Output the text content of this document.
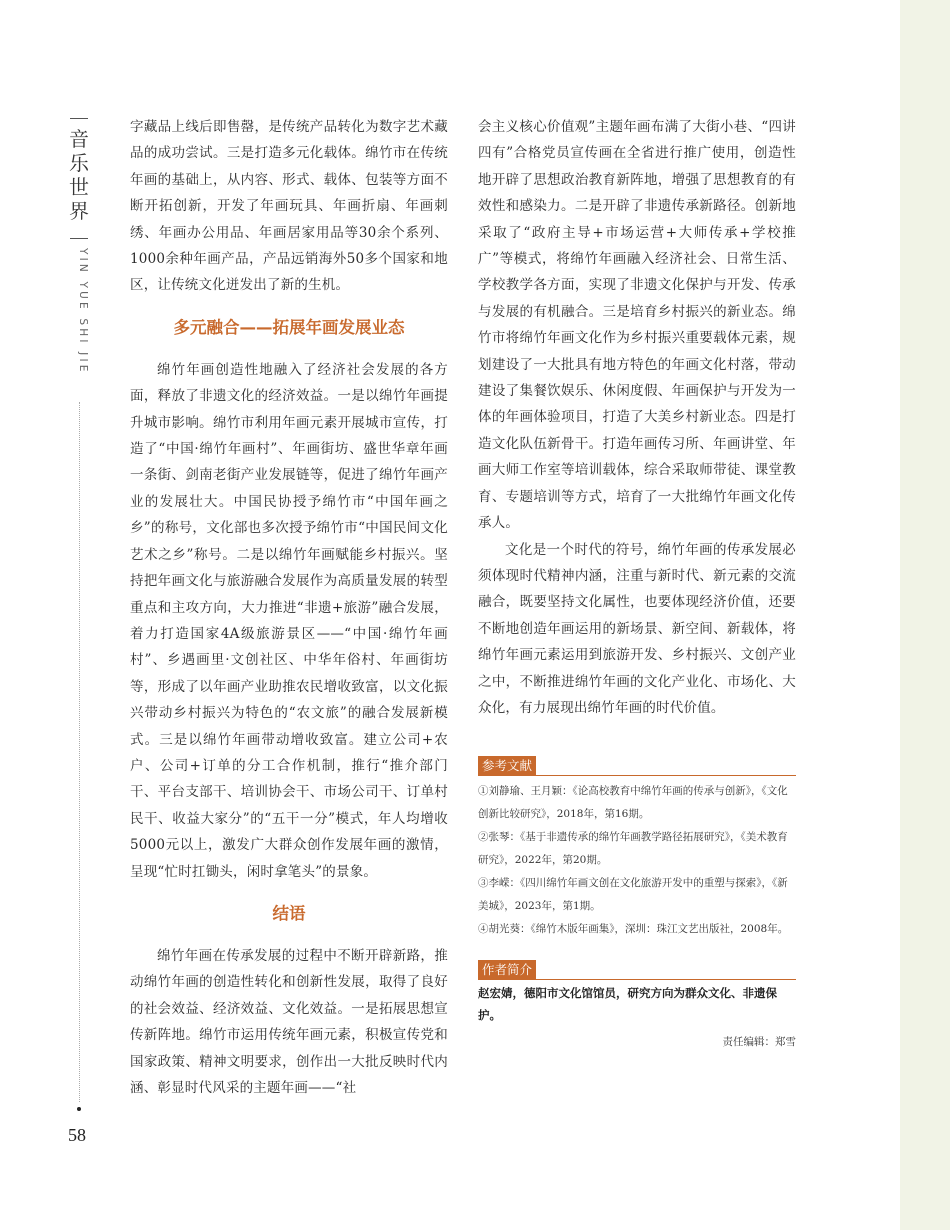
音
乐
世
界
YIN YUE SHI JIE
58

字藏品上线后即售罄，是传统产品转化为数字艺术藏品的成功尝试。三是打造多元化载体。绵竹市在传统年画的基础上，从内容、形式、载体、包装等方面不断开拓创新，开发了年画玩具、年画折扇、年画刺绣、年画办公用品、年画居家用品等30余个系列、1000余种年画产品，产品远销海外50多个国家和地区，让传统文化迸发出了新的生机。

多元融合——拓展年画发展业态

绵竹年画创造性地融入了经济社会发展的各方面，释放了非遗文化的经济效益。一是以绵竹年画提升城市影响。绵竹市利用年画元素开展城市宣传，打造了“中国·绵竹年画村”、年画街坊、盛世华章年画一条街、剑南老街产业发展链等，促进了绵竹年画产业的发展壮大。中国民协授予绵竹市“中国年画之乡”的称号，文化部也多次授予绵竹市“中国民间文化艺术之乡”称号。二是以绵竹年画赋能乡村振兴。坚持把年画文化与旅游融合发展作为高质量发展的转型重点和主攻方向，大力推进“非遗+旅游”融合发展，着力打造国家4A级旅游景区——“中国·绵竹年画村”、乡遇画里·文创社区、中华年俗村、年画街坊等，形成了以年画产业助推农民增收致富，以文化振兴带动乡村振兴为特色的“农文旅”的融合发展新模式。三是以绵竹年画带动增收致富。建立公司+农户、公司+订单的分工合作机制，推行“推介部门干、平台支部干、培训协会干、市场公司干、订单村民干、收益大家分”的“五干一分”模式，年人均增收5000元以上，激发广大群众创作发展年画的激情，呈现“忙时扛锄头，闲时拿笔头”的景象。

结语

绵竹年画在传承发展的过程中不断开辟新路，推动绵竹年画的创造性转化和创新性发展，取得了良好的社会效益、经济效益、文化效益。一是拓展思想宣传新阵地。绵竹市运用传统年画元素，积极宣传党和国家政策、精神文明要求，创作出一大批反映时代内涵、彰显时代风采的主题年画——“社

会主义核心价值观”主题年画布满了大街小巷、“四讲四有”合格党员宣传画在全省进行推广使用，创造性地开辟了思想政治教育新阵地，增强了思想教育的有效性和感染力。二是开辟了非遗传承新路径。创新地采取了“政府主导+市场运营+大师传承+学校推广”等模式，将绵竹年画融入经济社会、日常生活、学校教学各方面，实现了非遗文化保护与开发、传承与发展的有机融合。三是培育乡村振兴的新业态。绵竹市将绵竹年画文化作为乡村振兴重要载体元素，规划建设了一大批具有地方特色的年画文化村落，带动建设了集餐饮娱乐、休闲度假、年画保护与开发为一体的年画体验项目，打造了大美乡村新业态。四是打造文化队伍新骨干。打造年画传习所、年画讲堂、年画大师工作室等培训载体，综合采取师带徒、课堂教育、专题培训等方式，培育了一大批绵竹年画文化传承人。

文化是一个时代的符号，绵竹年画的传承发展必须体现时代精神内涵，注重与新时代、新元素的交流融合，既要坚持文化属性，也要体现经济价值，还要不断地创造年画运用的新场景、新空间、新载体，将绵竹年画元素运用到旅游开发、乡村振兴、文创产业之中，不断推进绵竹年画的文化产业化、市场化、大众化，有力展现出绵竹年画的时代价值。

参考文献

①刘静瑜、王月颖：《论高校教育中绵竹年画的传承与创新》，《文化创新比较研究》，2018年，第16期。

②张琴：《基于非遗传承的绵竹年画教学路径拓展研究》，《美术教育研究》，2022年，第20期。

③李嵘：《四川绵竹年画文创在文化旅游开发中的重塑与探索》，《新美城》，2023年，第1期。

④胡光葵：《绵竹木版年画集》，深圳：珠江文艺出版社，2008年。

作者简介

赵宏婧，德阳市文化馆馆员，研究方向为群众文化、非遗保护。

责任编辑：郑雪
